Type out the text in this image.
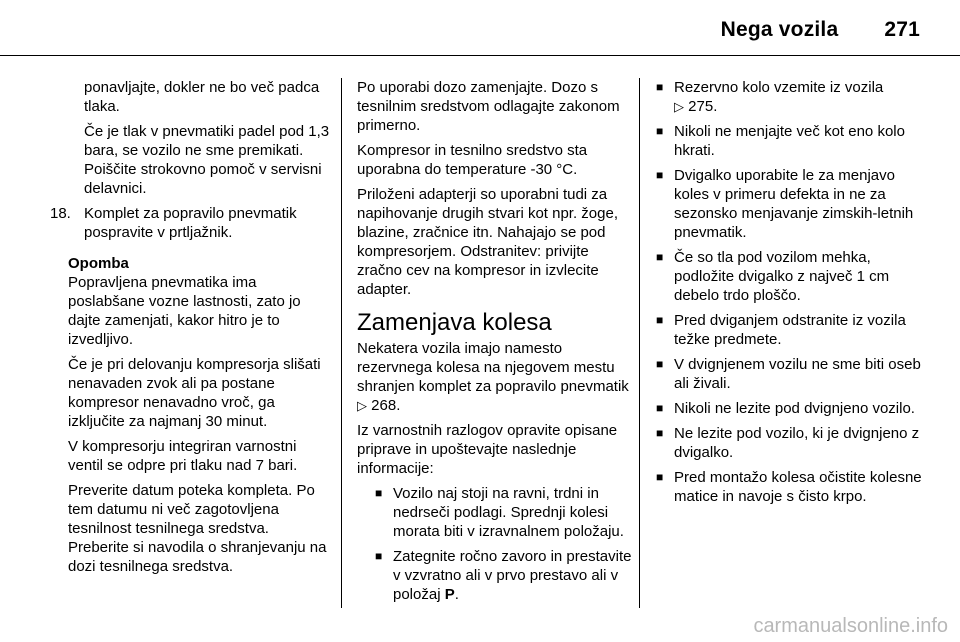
Nega vozila 271

ponavljajte, dokler ne bo več padca tlaka.

Če je tlak v pnevmatiki padel pod 1,3 bara, se vozilo ne sme premikati. Poiščite strokovno pomoč v servisni delavnici.

18. Komplet za popravilo pnevmatik pospravite v prtljažnik.
Opomba

Popravljena pnevmatika ima poslabšane vozne lastnosti, zato jo dajte zamenjati, kakor hitro je to izvedljivo.

Če je pri delovanju kompresorja slišati nenavaden zvok ali pa postane kompresor nenavadno vroč, ga izključite za najmanj 30 minut.

V kompresorju integriran varnostni ventil se odpre pri tlaku nad 7 bari.

Preverite datum poteka kompleta. Po tem datumu ni več zagotovljena tesnilnost tesnilnega sredstva. Preberite si navodila o shranjevanju na dozi tesnilnega sredstva.

Po uporabi dozo zamenjajte. Dozo s tesnilnim sredstvom odlagajte zakonom primerno.

Kompresor in tesnilno sredstvo sta uporabna do temperature -30 °C.

Priloženi adapterji so uporabni tudi za napihovanje drugih stvari kot npr. žoge, blazine, zračnice itn. Nahajajo se pod kompresorjem. Odstranitev: privijte zračno cev na kompresor in izvlecite adapter.

Zamenjava kolesa

Nekatera vozila imajo namesto rezervnega kolesa na njegovem mestu shranjen komplet za popravilo pnevmatik ▷ 268.

Iz varnostnih razlogov opravite opisane priprave in upoštevajte naslednje informacije:

■ Vozilo naj stoji na ravni, trdni in nedrseči podlagi. Sprednji kolesi morata biti v izravnalnem položaju.
■ Zategnite ročno zavoro in prestavite v vzvratno ali v prvo prestavo ali v položaj P.
■ Rezervno kolo vzemite iz vozila
▷ 275.
■ Nikoli ne menjajte več kot eno kolo hkrati.
■ Dvigalko uporabite le za menjavo koles v primeru defekta in ne za sezonsko menjavanje zimskih-letnih pnevmatik.
■ Če so tla pod vozilom mehka, podložite dvigalko z največ 1 cm debelo trdo ploščo.
■ Pred dviganjem odstranite iz vozila težke predmete.
■ V dvignjenem vozilu ne sme biti oseb ali živali.
■ Nikoli ne lezite pod dvignjeno vozilo.
■ Ne lezite pod vozilo, ki je dvignjeno z dvigalko.
■ Pred montažo kolesa očistite kolesne matice in navoje s čisto krpo.
carmanualsonline.info
